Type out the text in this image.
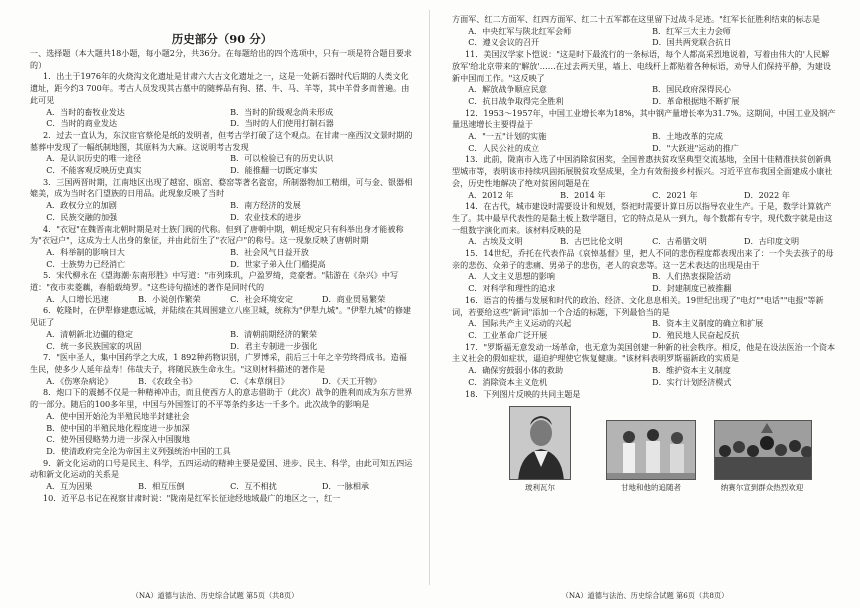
历史部分（90 分）
一、选择题（本大题共18小题，每小题2分，共36分。在每题给出的四个选项中，只有一项是符合题目要求的）
1．出土于1976年的火烧沟文化遗址是甘肃六大古文化遗址之一，这是一处新石器时代后期的人类文化遗址，距今约3 700年。考古人员发现其古墓中的随葬品有狗、猪、牛、马、羊等，其中羊骨多而普遍。由此可见
A．当时的畜牧业发达	B．当时的阶级观念尚未形成
C．当时的商业发达	D．当时的人们使用打制石器
2．过去一直认为，东汉宦官蔡伦是纸的发明者，但考古学打破了这个观点。在甘肃一座西汉文景时期的墓葬中发现了一幅纸制地图，其原料为大麻。这说明考古发现
A．是认识历史的唯一途径	B．可以检验已有的历史认识
C．不能客观反映历史真实	D．能推翻一切既定事实
3．三国两晋时期，江南地区出现了越窑、瓯窑、婺窑等著名瓷窑，所制器物加工精细，可与金、银器相媲美，成为当时名门望族的日用品。此现象反映了当时
A．政权分立的加剧	B．南方经济的发展
C．民族交融的加强	D．农业技术的进步
4．"衣冠"在魏晋南北朝时期是对士族门阀的代称。但到了唐朝中期，朝廷规定只有科举出身才能被称为"衣冠户"，这成为士人出身的象征，并由此衍生了"衣冠户"的称号。这一现象反映了唐朝时期
A．科举制的影响日大	B．社会风气日益开放
C．士族势力已经消亡	D．世家子弟入仕门槛提高
5．宋代柳永在《望海潮·东南形胜》中写道："市列珠玑，户盈罗绮，竞豪奢。"陆游在《杂兴》中写道："夜市卖菱藕，春船载绮罗。"这些诗句描述的著作是同时代的
A．人口增长迅速	B．小说创作繁荣	C．社会环境安定	D．商业贸易繁荣
6．乾隆时，在伊犁修建惠远城，并陆续在其周围建立八座卫城，统称为"伊犁九城"。"伊犁九城"的修建见证了
A．清朝新北边疆的稳定	B．清朝前期经济的繁荣
C．统一多民族国家的巩固	D．君主专制进一步强化
7．"医中圣人，集中国药学之大成，1 892种药物识别，广罗博采，前后三十年之辛劳终得成书。造福生民，使多少人延年益寿！伟哉夫子，将随民族生命永生。"这则材料描述的著作是
A．《伤寒杂病论》	B．《农政全书》	C．《本草纲目》	D．《天工开物》
8．炮口下的震撼不仅是一种精神冲击，而且使西方人的意志借助于（此次）战争的胜利而成为东方世界的一部分。随后的100多年里，中国与外国签订的不平等条约多达一千多个。此次战争的影响是
A．使中国开始沦为半殖民地半封建社会
B．使中国的半殖民地化程度进一步加深
C．使外国侵略势力进一步深入中国腹地
D．使清政府完全沦为帝国主义列强统治中国的工具
9．新文化运动的口号是民主、科学，五四运动的精神主要是爱国、进步、民主、科学，由此可知五四运动和新文化运动的关系是
A．互为因果	B．相互压倒	C．互不相扰	D．一脉相承
10．近平总书记在视察甘肃时说："陇南是红军长征途经地域最广的地区之一，红一
（NA）道德与法治、历史综合试题 第5页（共8页）
方面军、红二方面军、红四方面军、红二十五军都在这里留下过战斗足迹。"红军长征胜利结束的标志是
A．中央红军与陕北红军会师	B．红军三大主力会师
C．遵义会议的召开	D．国共两党联合抗日
11．美国汉学家卜恺说："这是时下最流行的一条标语，每个人都高采烈地说着，写着由伟大的'人民解放军'给北京带来的'解放'……在过去两天里，墙上、电线杆上都贴着各种标语，劝导人们保持平静，为建设新中国而工作。"这反映了
A．解放战争顺应民意	B．国民政府深得民心
C．抗日战争取得完全胜利	D．革命根据地不断扩展
12．1953～1957年，中国工业增长率为18%，其中钢产量增长率为31.7%。这期间，中国工业及钢产量迅速增长主要得益于
A．"一五"计划的实施	B．土地改革的完成
C．人民公社的成立	D．"大跃进"运动的推广
13．此前，陇南市入选了中国消除贫困奖，全国普惠扶贫攻坚典型交流基地，全国十佳精准扶贫创新典型城市等，表明该市持续巩固拓展脱贫攻坚成果，全力有效衔接乡村振兴。习近平宣布我国全面建成小康社会，历史性地解决了绝对贫困问题是在
A．2012 年	B．2014 年	C．2021 年	D．2022 年
14．在古代，城市建设时需要设计和规划，祭祀时需要计算日历以指导农业生产。于是，数学计算就产生了。其中最早代表性的是黏土板上数学题目，它的特点是从一到九，每个数都有专字，现代数字就是由这一组数字演化而来。该材料反映的是
A．古埃及文明	B．古巴比伦文明	C．古希腊文明	D．古印度文明
15．14世纪，乔托在代表作品《哀悼基督》里，把人不同的悲伤程度都表现出来了：一个失去孩子的母亲的悲伤、众弟子的悲痛、男弟子的悲伤，老人的哀悲等。这一艺术表达的出现是由于
A．人文主义思想的影响	B．人们热衷探险活动
C．对科学和理性的追求	D．封建制度已被推翻
16．语言的传播与发展和时代的政治、经济、文化息息相关。19世纪出现了"电灯""电话""电报"等新词，若要给这些"新词"添加一个合适的标题，下列最恰当的是
A．国际共产主义运动的兴起	B．资本主义制度的确立和扩展
C．工业革命广泛开展	D．殖民地人民奋起反抗
17．"罗斯福无意发动一场革命，也无意为美国创建一种新的社会秩序。相反，他是在设法医治一个资本主义社会的假如症状，逼迫护理使它恢复健康。"该材料表明罗斯福新政的实质是
A．确保穷鼓弱小体的救助	B．维护资本主义制度
C．消除资本主义危机	D．实行计划经济模式
18．下列图片反映的共同主题是
玻利瓦尔	甘地和他的追随者	纳赛尔宣到群众热烈欢迎
（NA）道德与法治、历史综合试题 第6页（共8页）
